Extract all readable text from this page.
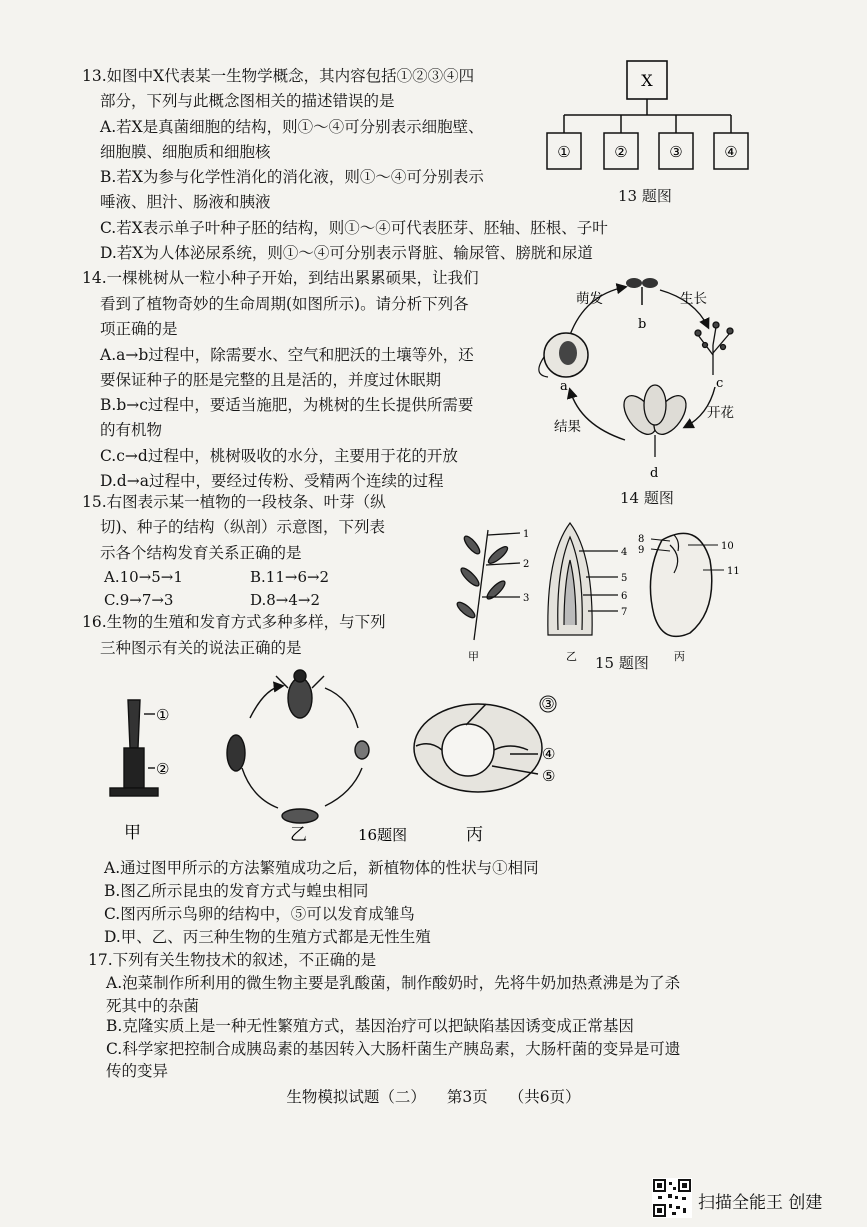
13.如图中X代表某一生物学概念，其内容包括①②③④四
部分，下列与此概念图相关的描述错误的是
A.若X是真菌细胞的结构，则①～④可分别表示细胞壁、
细胞膜、细胞质和细胞核
B.若X为参与化学性消化的消化液，则①～④可分别表示
唾液、胆汁、肠液和胰液
C.若X表示单子叶种子胚的结构，则①～④可代表胚芽、胚轴、胚根、子叶
D.若X为人体泌尿系统，则①～④可分别表示肾脏、输尿管、膀胱和尿道
X
①	②	③	④
13 题图
14.一棵桃树从一粒小种子开始，到结出累累硕果，让我们
看到了植物奇妙的生命周期(如图所示)。请分析下列各
项正确的是
A.a→b过程中，除需要水、空气和肥沃的土壤等外，还
要保证种子的胚是完整的且是活的，并度过休眠期
B.b→c过程中，要适当施肥，为桃树的生长提供所需要
的有机物
C.c→d过程中，桃树吸收的水分，主要用于花的开放
D.d→a过程中，要经过传粉、受精两个连续的过程
a
b
c
d
萌发	生长
开花
结果
14 题图
15.右图表示某一植物的一段枝条、叶芽（纵
切)、种子的结构（纵剖）示意图，下列表
示各个结构发育关系正确的是
A.10→5→1	B.11→6→2
C.9→7→3	D.8→4→2
1
2
3
甲
4
5
6
7
乙
8
9	10
11
丙
15 题图
16.生物的生殖和发育方式多种多样，与下列
三种图示有关的说法正确的是
①
②
甲	乙
③
④
⑤
丙
16题图
A.通过图甲所示的方法繁殖成功之后，新植物体的性状与①相同
B.图乙所示昆虫的发育方式与蝗虫相同
C.图丙所示鸟卵的结构中，⑤可以发育成雏鸟
D.甲、乙、丙三种生物的生殖方式都是无性生殖
17.下列有关生物技术的叙述，不正确的是
A.泡菜制作所利用的微生物主要是乳酸菌，制作酸奶时，先将牛奶加热煮沸是为了杀
死其中的杂菌
B.克隆实质上是一种无性繁殖方式，基因治疗可以把缺陷基因诱变成正常基因
C.科学家把控制合成胰岛素的基因转入大肠杆菌生产胰岛素，大肠杆菌的变异是可遗
传的变异
生物模拟试题（二） 第3页 （共6页）
扫描全能王 创建
